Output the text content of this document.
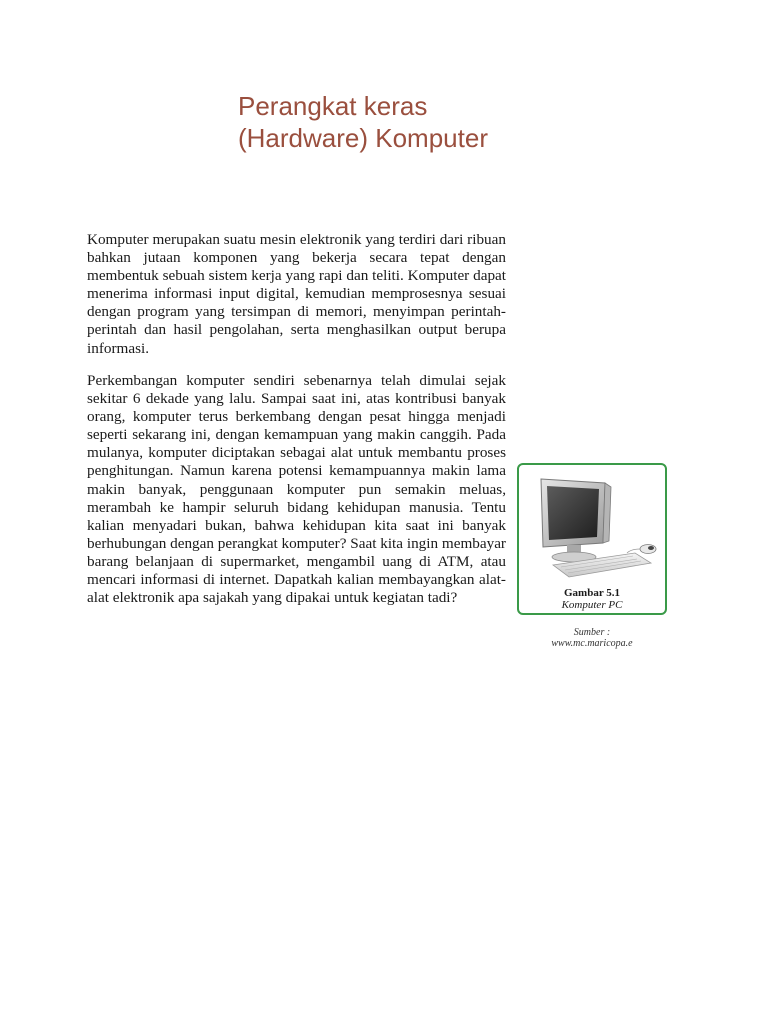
Perangkat keras
(Hardware) Komputer

Komputer merupakan suatu mesin elektronik yang terdiri dari ribuan bahkan jutaan komponen yang bekerja secara tepat dengan membentuk sebuah sistem kerja yang rapi dan teliti. Komputer dapat menerima informasi input digital, kemudian memprosesnya sesuai dengan program yang tersimpan di memori, menyimpan perintah-perintah dan hasil pengolahan, serta menghasilkan output berupa informasi.

Perkembangan komputer sendiri sebenarnya telah dimulai sejak sekitar 6 dekade yang lalu. Sampai saat ini, atas kontribusi banyak orang, komputer terus berkembang dengan pesat hingga menjadi seperti sekarang ini, dengan kemampuan yang makin canggih. Pada mulanya, komputer diciptakan sebagai alat untuk membantu proses penghitungan. Namun karena potensi kemampuannya makin lama makin banyak, penggunaan komputer pun semakin meluas, merambah ke hampir seluruh bidang kehidupan manusia. Tentu kalian menyadari bukan, bahwa kehidupan kita saat ini banyak berhubungan dengan perangkat komputer? Saat kita ingin membayar barang belanjaan di supermarket, mengambil uang di ATM, atau mencari informasi di internet. Dapatkah kalian membayangkan alat-alat elektronik apa sajakah yang dipakai untuk kegiatan tadi?	Gambar 5.1
Komputer PC
Sumber :
www.mc.maricopa.e
